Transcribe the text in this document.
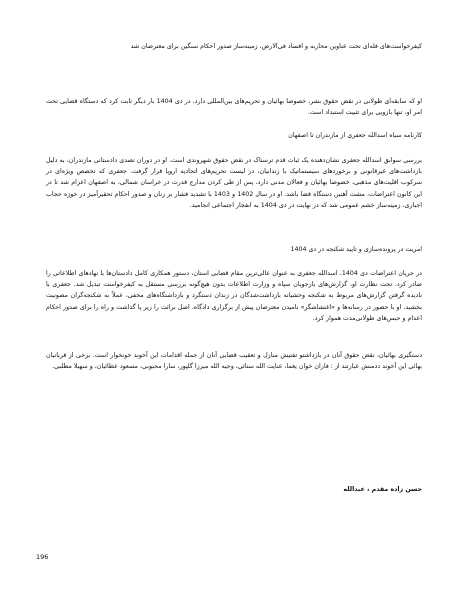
کیفرخواست‌های فله‌ای تحت عناوین محاربه و افساد فی‌الارض، زمینه‌ساز صدور احکام سنگین برای معترضان شد
او که سابقه‌ای طولانی در نقض حقوق بشر، خصوصا بهائیان و تحریم‌های بین‌المللی دارد، در دی 1404 بار دیگر ثابت کرد که دستگاه قضایی تحت امر او، تنها بازویی برای تثبیت استبداد است.
کارنامه سیاه اسدالله جعفری از مازندران تا اصفهان
بررسی سوابق اسدالله جعفری نشان‌دهنده یک ثبات قدم ترسناک در نقض حقوق شهروندی است. او در دوران تصدی دادستانی مازندران، به دلیل بازداشت‌های غیرقانونی و برخوردهای سیستماتیک با زندانیان، در لیست تحریم‌های اتحادیه اروپا قرار گرفت. جعفری که تخصص ویژه‌ای در سرکوب اقلیت‌های مذهبی، خصوصا بهائیان و فعالان مدنی دارد، پس از طی کردن مدارج قدرت در خراسان شمالی، به اصفهان اعزام شد تا در این کانون اعتراضات، مشت آهنین دستگاه قضا باشد. او در سال 1402 و 1403 با تشدید فشار بر زنان و صدور احکام تحقیرآمیز در حوزه حجاب اجباری، زمینه‌ساز خشم عمومی شد که در نهایت در دی 1404 به انفجار اجتماعی انجامید.
امریت در پرونده‌سازی و تایید شکنجه در دی 1404
در جریان اعتراضات دی 1404، اسدالله جعفری به عنوان عالی‌ترین مقام قضایی استان، دستور همکاری کامل دادستان‌ها با نهادهای اطلاعاتی را صادر کرد. تحت نظارت او، گزارش‌های بازجویان سپاه و وزارت اطلاعات بدون هیچ‌گونه بررسی مستقل به کیفرخواست تبدیل شد. جعفری با نادیده گرفتن گزارش‌های مربوط به شکنجه وحشیانه بازداشت‌شدگان در زندان دستگرد و بازداشتگاه‌های مخفی، عملاً به شکنجه‌گران مصونیت بخشید. او با حضور در رسانه‌ها و «اغتشاشگر» نامیدن معترضان پیش از برگزاری دادگاه، اصل برائت را زیر پا گذاشت و راه را برای صدور احکام اعدام و حبس‌های طولانی‌مدت هموار کرد.
دستگیری بهائیان، نقض حقوق آنان در بازداشتو تفتیش منازل و تعقیب قضایی آنان از جمله اقدامات این آخوند خونخوار است. برخی از قربانیان بهائی این آخوند ددمنش عبارتند از : فاران خوان یغما، عنایت الله ستائی، وجیه الله میرزا گلپور، سارا محبوبی، مسعود عطائیان، و سهیلا مطلبی.
حسن زاده مقدم ، عبدالله
196
